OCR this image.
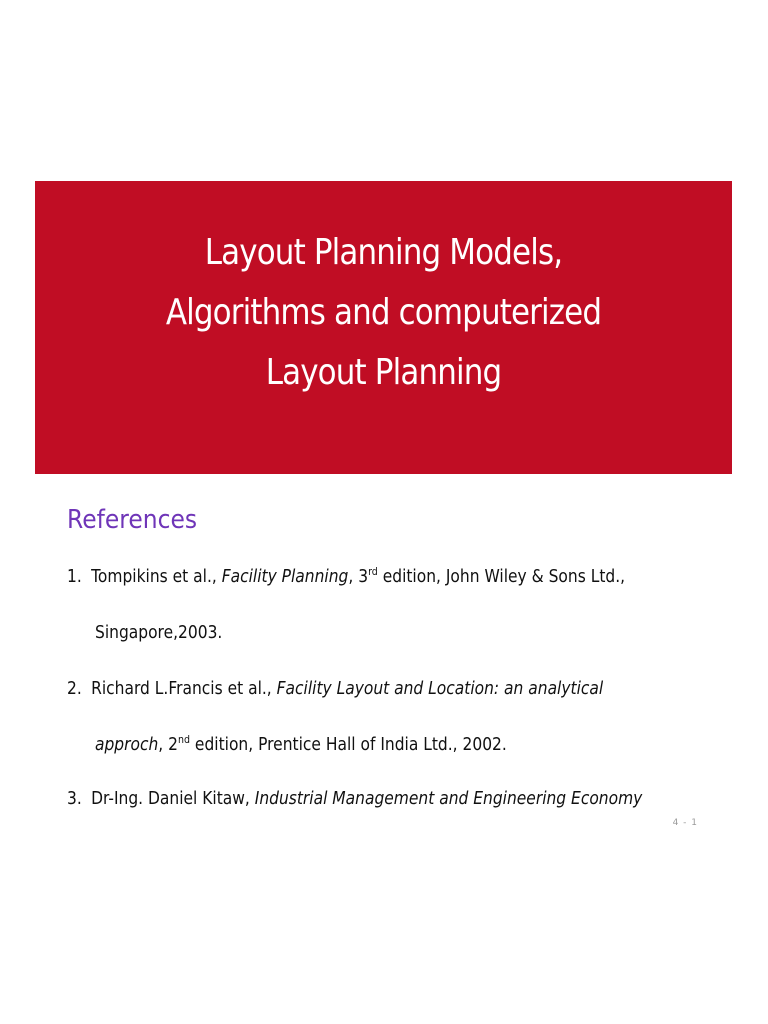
Layout Planning Models,
Algorithms and computerized
Layout Planning
References
1. Tompikins et al., Facility Planning, 3rd edition, John Wiley & Sons Ltd.,
Singapore,2003.
2. Richard L.Francis et al., Facility Layout and Location: an analytical
approch, 2nd edition, Prentice Hall of India Ltd., 2002.
3. Dr-Ing. Daniel Kitaw, Industrial Management and Engineering Economy
4 - 1
